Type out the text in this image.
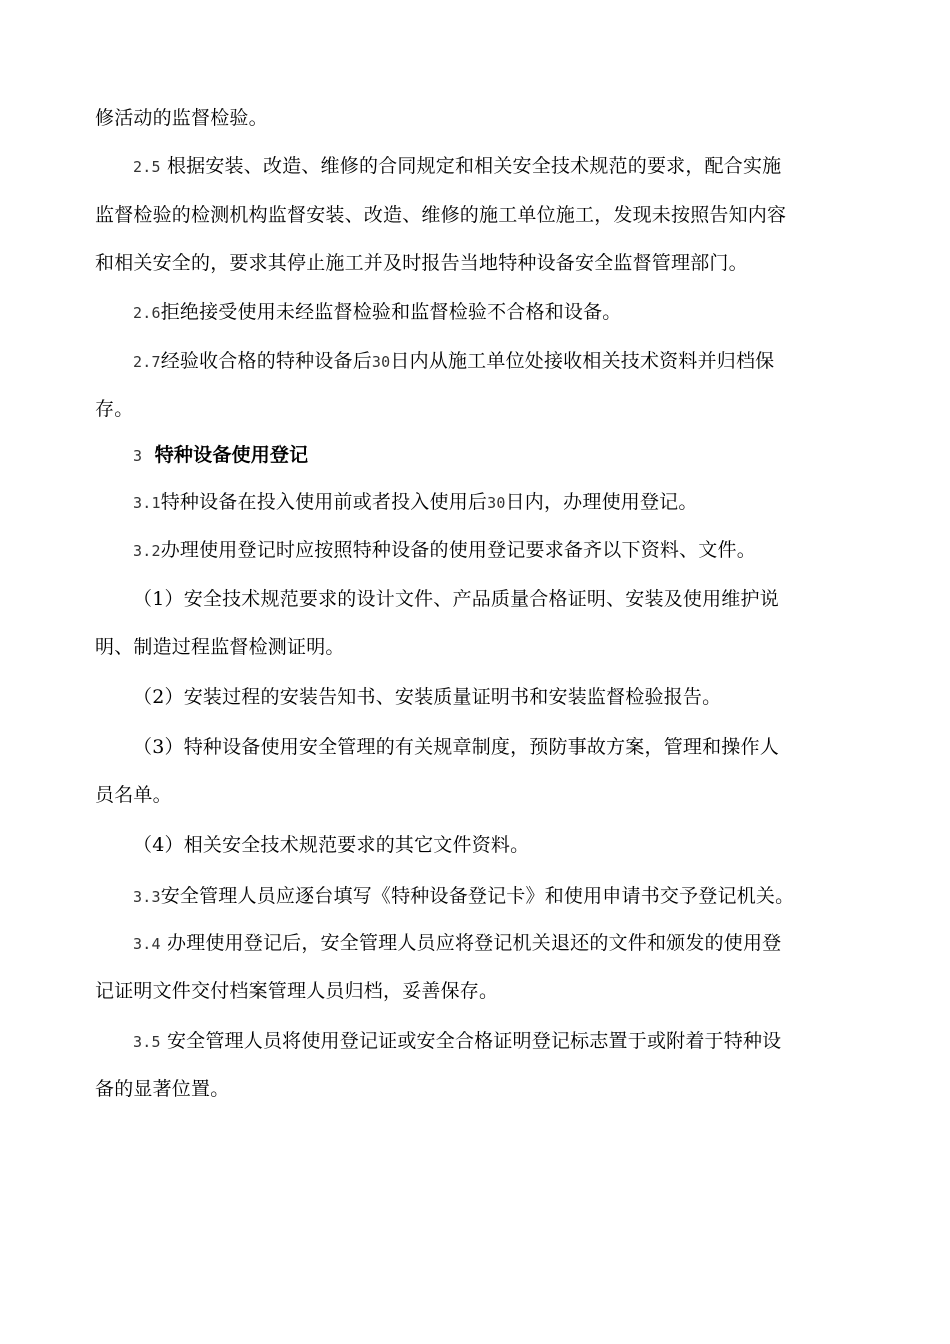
修活动的监督检验。
2.5 根据安装、改造、维修的合同规定和相关安全技术规范的要求，配合实施
监督检验的检测机构监督安装、改造、维修的施工单位施工，发现未按照告知内容
和相关安全的，要求其停止施工并及时报告当地特种设备安全监督管理部门。
2.6拒绝接受使用未经监督检验和监督检验不合格和设备。
2.7经验收合格的特种设备后30日内从施工单位处接收相关技术资料并归档保
存。
3 特种设备使用登记
3.1特种设备在投入使用前或者投入使用后30日内，办理使用登记。
3.2办理使用登记时应按照特种设备的使用登记要求备齐以下资料、文件。
（1）安全技术规范要求的设计文件、产品质量合格证明、安装及使用维护说
明、制造过程监督检测证明。
（2）安装过程的安装告知书、安装质量证明书和安装监督检验报告。
（3）特种设备使用安全管理的有关规章制度，预防事故方案，管理和操作人
员名单。
（4）相关安全技术规范要求的其它文件资料。
3.3安全管理人员应逐台填写《特种设备登记卡》和使用申请书交予登记机关。
3.4 办理使用登记后，安全管理人员应将登记机关退还的文件和颁发的使用登
记证明文件交付档案管理人员归档，妥善保存。
3.5 安全管理人员将使用登记证或安全合格证明登记标志置于或附着于特种设
备的显著位置。
